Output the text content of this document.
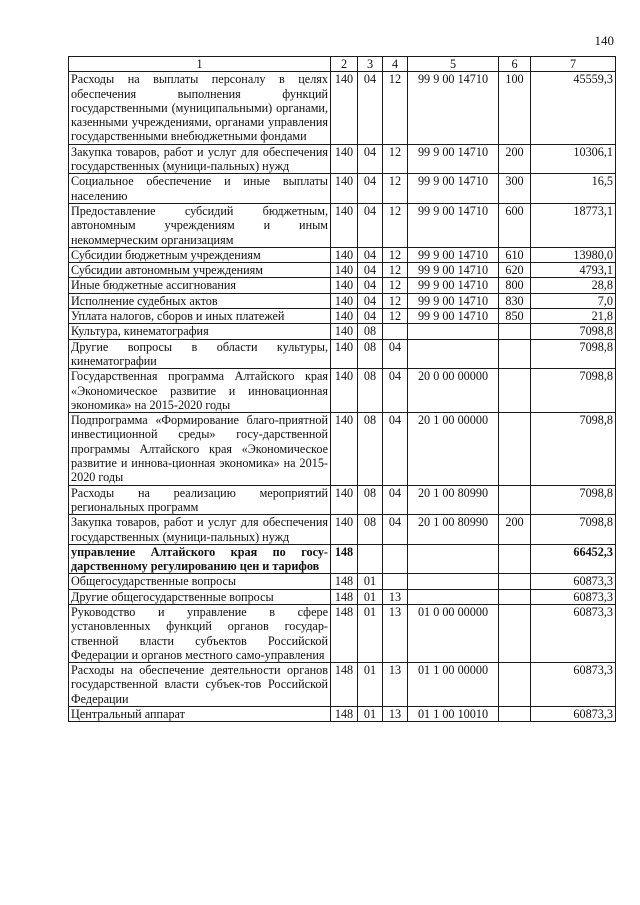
140
1	2	3	4	5	6	7
Расходы на выплаты персоналу в целях обеспечения выполнения функций государственными (муниципальными) органами, казенными учреждениями, органами управления государственными внебюджетными фондами	140	04	12	99 9 00 14710	100	45559,3
Закупка товаров, работ и услуг для обеспечения государственных (муници-пальных) нужд	140	04	12	99 9 00 14710	200	10306,1
Социальное обеспечение и иные выплаты населению	140	04	12	99 9 00 14710	300	16,5
Предоставление субсидий бюджетным, автономным учреждениям и иным некоммерческим организациям	140	04	12	99 9 00 14710	600	18773,1
Субсидии бюджетным учреждениям	140	04	12	99 9 00 14710	610	13980,0
Субсидии автономным учреждениям	140	04	12	99 9 00 14710	620	4793,1
Иные бюджетные ассигнования	140	04	12	99 9 00 14710	800	28,8
Исполнение судебных актов	140	04	12	99 9 00 14710	830	7,0
Уплата налогов, сборов и иных платежей	140	04	12	99 9 00 14710	850	21,8
Культура, кинематография	140	08				7098,8
Другие вопросы в области культуры, кинематографии	140	08	04			7098,8
Государственная программа Алтайского края «Экономическое развитие и инновационная экономика» на 2015-2020 годы	140	08	04	20 0 00 00000		7098,8
Подпрограмма «Формирование благо-приятной инвестиционной среды» госу-дарственной программы Алтайского края «Экономическое развитие и иннова-ционная экономика» на 2015-2020 годы	140	08	04	20 1 00 00000		7098,8
Расходы на реализацию мероприятий региональных программ	140	08	04	20 1 00 80990		7098,8
Закупка товаров, работ и услуг для обеспечения государственных (муници-пальных) нужд	140	08	04	20 1 00 80990	200	7098,8
управление Алтайского края по госу-дарственному регулированию цен и тарифов	148					66452,3
Общегосударственные вопросы	148	01				60873,3
Другие общегосударственные вопросы	148	01	13			60873,3
Руководство и управление в сфере установленных функций органов государ-ственной власти субъектов Российской Федерации и органов местного само-управления	148	01	13	01 0 00 00000		60873,3
Расходы на обеспечение деятельности органов государственной власти субъек-тов Российской Федерации	148	01	13	01 1 00 00000		60873,3
Центральный аппарат	148	01	13	01 1 00 10010		60873,3
